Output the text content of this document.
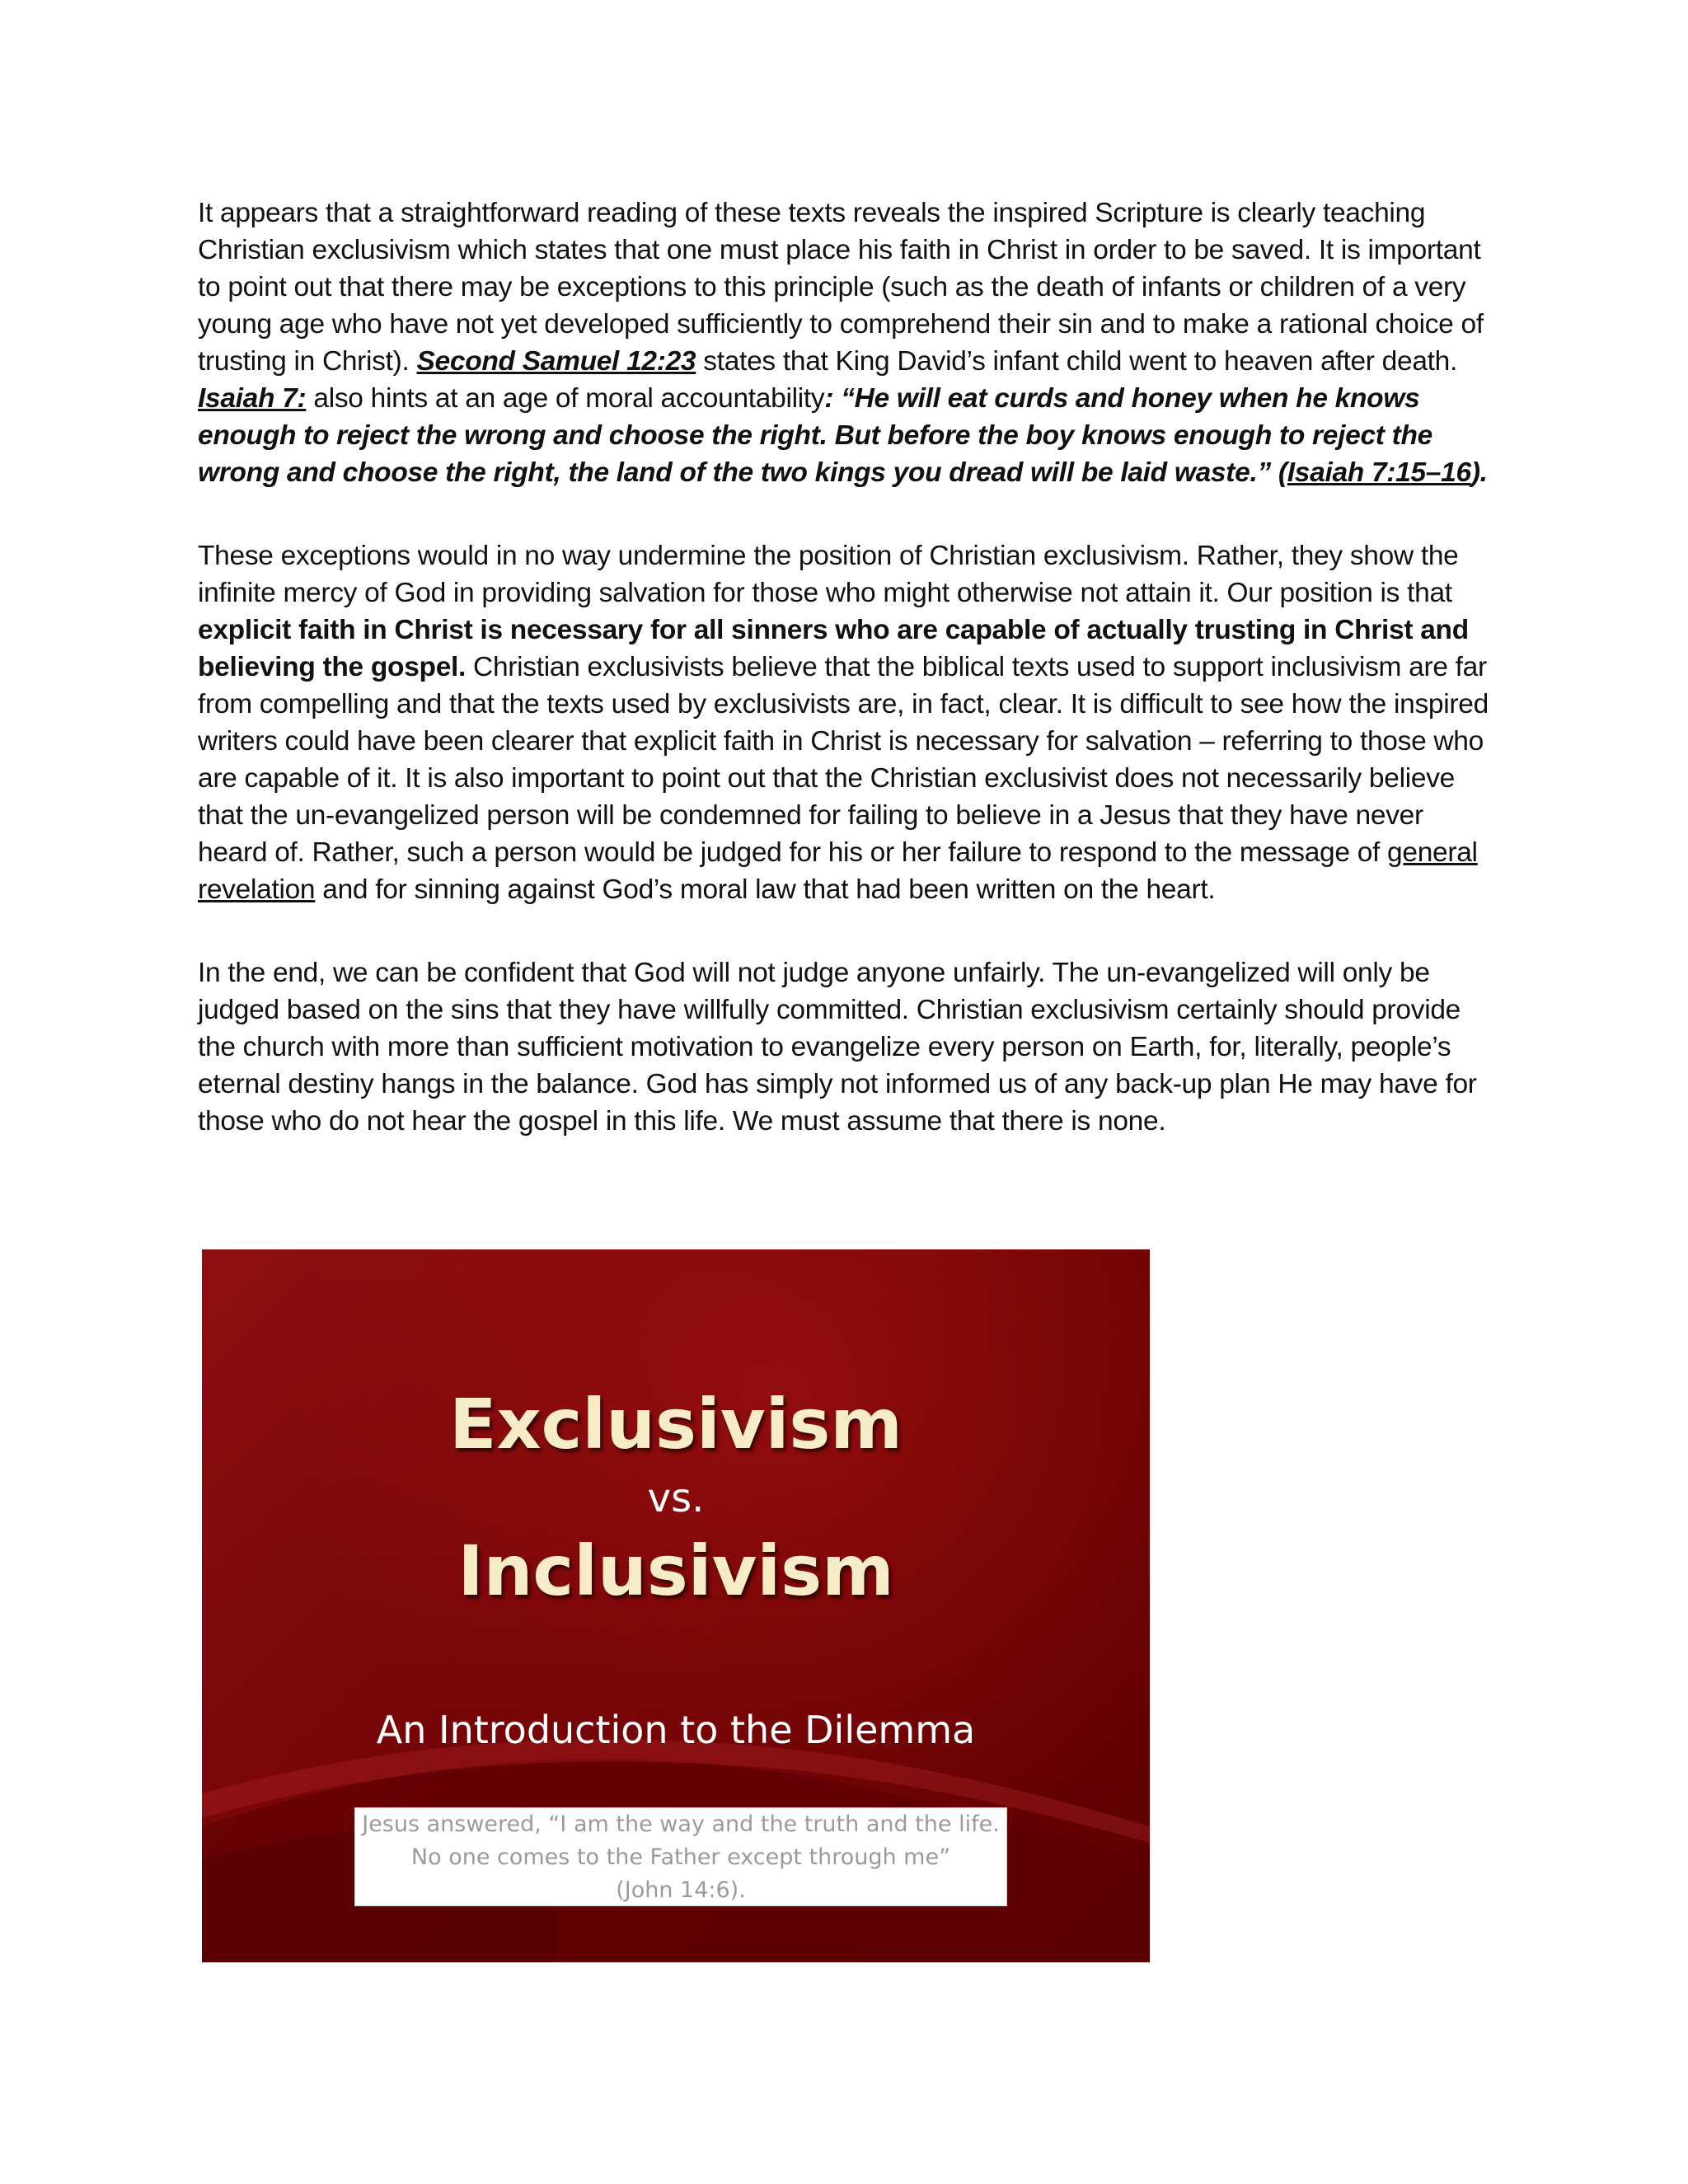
It appears that a straightforward reading of these texts reveals the inspired Scripture is clearly teaching Christian exclusivism which states that one must place his faith in Christ in order to be saved. It is important to point out that there may be exceptions to this principle (such as the death of infants or children of a very young age who have not yet developed sufficiently to comprehend their sin and to make a rational choice of trusting in Christ). Second Samuel 12:23 states that King David’s infant child went to heaven after death. Isaiah 7: also hints at an age of moral accountability: “He will eat curds and honey when he knows enough to reject the wrong and choose the right. But before the boy knows enough to reject the wrong and choose the right, the land of the two kings you dread will be laid waste.” (Isaiah 7:15–16).

These exceptions would in no way undermine the position of Christian exclusivism. Rather, they show the infinite mercy of God in providing salvation for those who might otherwise not attain it. Our position is that explicit faith in Christ is necessary for all sinners who are capable of actually trusting in Christ and believing the gospel. Christian exclusivists believe that the biblical texts used to support inclusivism are far from compelling and that the texts used by exclusivists are, in fact, clear. It is difficult to see how the inspired writers could have been clearer that explicit faith in Christ is necessary for salvation – referring to those who are capable of it. It is also important to point out that the Christian exclusivist does not necessarily believe that the un-evangelized person will be condemned for failing to believe in a Jesus that they have never heard of. Rather, such a person would be judged for his or her failure to respond to the message of general revelation and for sinning against God’s moral law that had been written on the heart.

In the end, we can be confident that God will not judge anyone unfairly. The un-evangelized will only be judged based on the sins that they have willfully committed. Christian exclusivism certainly should provide the church with more than sufficient motivation to evangelize every person on Earth, for, literally, people’s eternal destiny hangs in the balance. God has simply not informed us of any back-up plan He may have for those who do not hear the gospel in this life. We must assume that there is none.

Exclusivism
vs.
Inclusivism
An Introduction to the Dilemma
Jesus answered, “I am the way and the truth and the life.
No one comes to the Father except through me”
(John 14:6).
